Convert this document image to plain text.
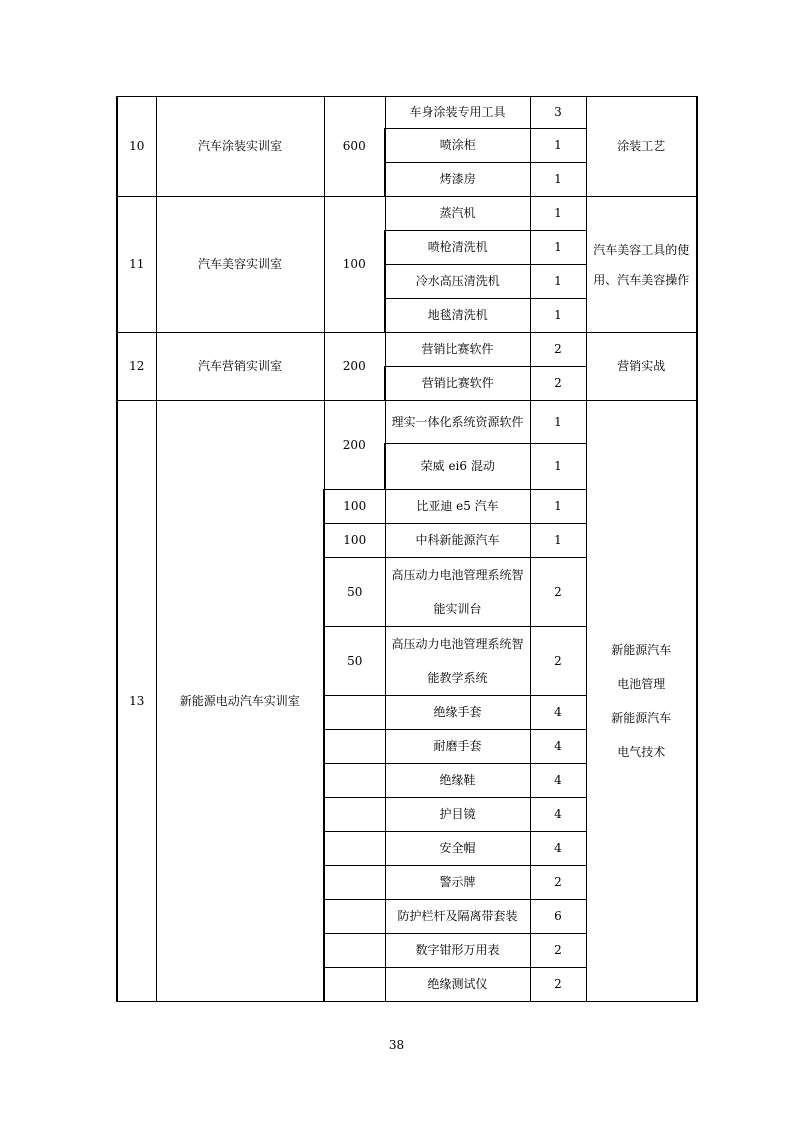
10	汽车涂装实训室	600	车身涂装专用工具	3	涂装工艺
			喷涂柜	1	
			烤漆房	1	
11	汽车美容实训室	100	蒸汽机	1	汽车美容工具的使
用、汽车美容操作

			喷枪清洗机	1	
			冷水高压清洗机	1	
			地毯清洗机	1	
12	汽车营销实训室	200	营销比赛软件	2	营销实战
			营销比赛软件	2	
13	新能源电动汽车实训室	200	理实一体化系统资源软件	1	新能源汽车
电池管理
新能源汽车
电气技术

			荣威 ei6 混动	1	
		100	比亚迪 e5 汽车	1	
		100	中科新能源汽车	1	
		50	高压动力电池管理系统智
能实训台	2	
		50	高压动力电池管理系统智
能教学系统	2	
			绝缘手套	4	
			耐磨手套	4	
			绝缘鞋	4	
			护目镜	4	
			安全帽	4	
			警示牌	2	
			防护栏杆及隔离带套装	6	
			数字钳形万用表	2	
			绝缘测试仪	2	
38
